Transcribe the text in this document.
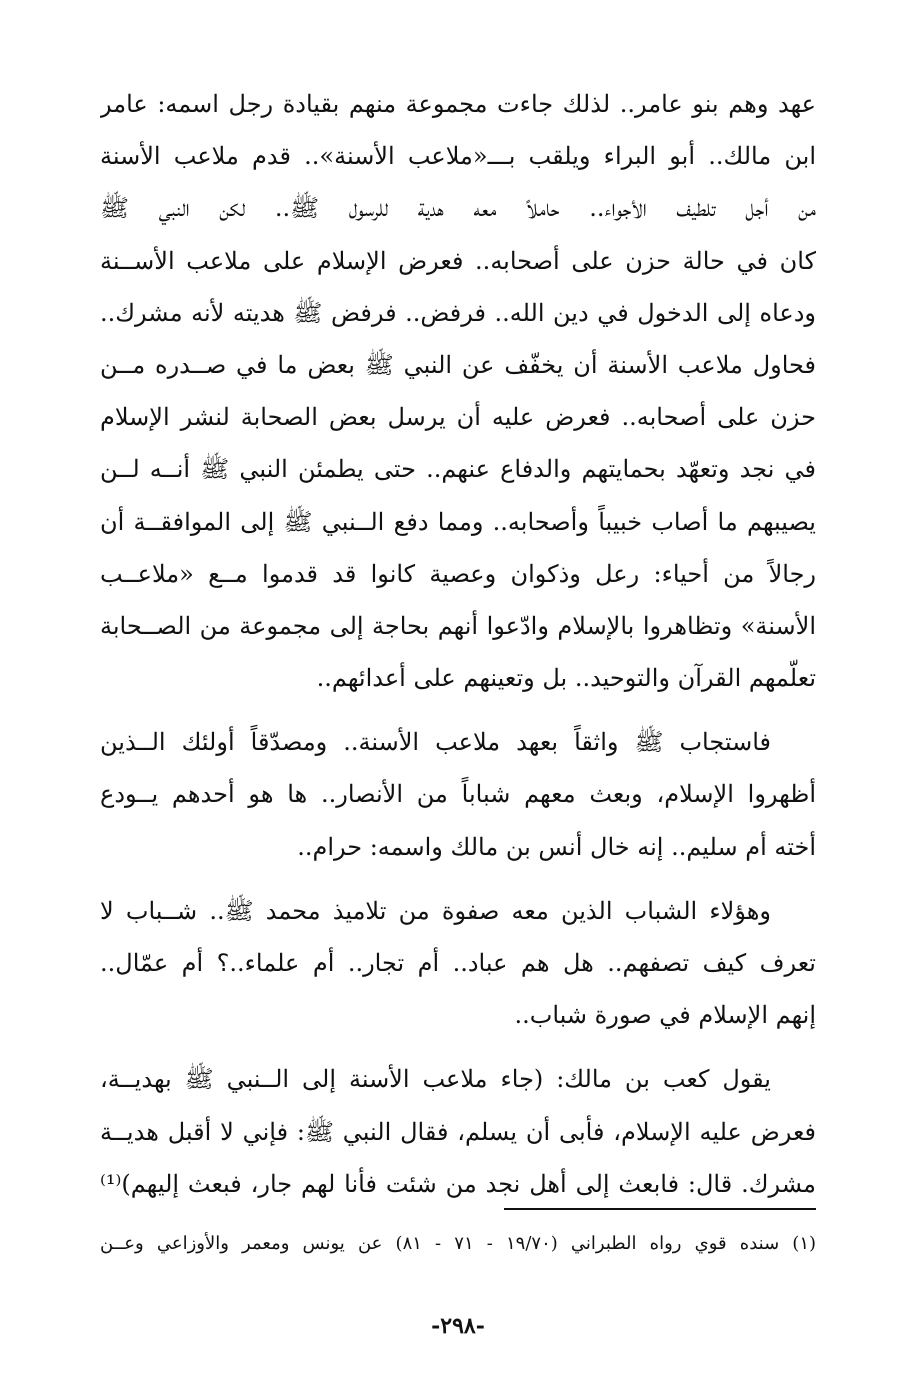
عهد وهم بنو عامر.. لذلك جاءت مجموعة منهم بقيادة رجل اسمه: عامر
ابن مالك.. أبو البراء ويلقب بـــ«ملاعب الأسنة».. قدم ملاعب الأسنة
من أجل تلطيف الأجواء.. حاملاً معه هدية للرسول ﷺ.. لكن النبي ﷺ
كان في حالة حزن على أصحابه.. فعرض الإسلام على ملاعب الأســنة
ودعاه إلى الدخول في دين الله.. فرفض.. فرفض ﷺ هديته لأنه مشرك..
فحاول ملاعب الأسنة أن يخفّف عن النبي ﷺ بعض ما في صــدره مــن
حزن على أصحابه.. فعرض عليه أن يرسل بعض الصحابة لنشر الإسلام
في نجد وتعهّد بحمايتهم والدفاع عنهم.. حتى يطمئن النبي ﷺ أنــه لــن
يصيبهم ما أصاب خبيباً وأصحابه.. ومما دفع الــنبي ﷺ إلى الموافقــة أن
رجالاً من أحياء: رعل وذكوان وعصية كانوا قد قدموا مــع «ملاعــب
الأسنة» وتظاهروا بالإسلام وادّعوا أنهم بحاجة إلى مجموعة من الصــحابة
تعلّمهم القرآن والتوحيد.. بل وتعينهم على أعدائهم..
فاستجاب ﷺ واثقاً بعهد ملاعب الأسنة.. ومصدّقاً أولئك الــذين
أظهروا الإسلام، وبعث معهم شباباً من الأنصار.. ها هو أحدهم يــودع
أخته أم سليم.. إنه خال أنس بن مالك واسمه: حرام..
وهؤلاء الشباب الذين معه صفوة من تلاميذ محمد ﷺ.. شــباب لا
تعرف كيف تصفهم.. هل هم عباد.. أم تجار.. أم علماء..؟ أم عمّال..
إنهم الإسلام في صورة شباب..
يقول كعب بن مالك: (جاء ملاعب الأسنة إلى الــنبي ﷺ بهديــة،
فعرض عليه الإسلام، فأبى أن يسلم، فقال النبي ﷺ: فإني لا أقبل هديــة
مشرك. قال: فابعث إلى أهل نجد من شئت فأنا لهم جار، فبعث إليهم)⁽¹⁾
(١) سنده قوي رواه الطبراني (١٩/٧٠ - ٧١ - ٨١) عن يونس ومعمر والأوزاعي وعــن
-٢٩٨-
